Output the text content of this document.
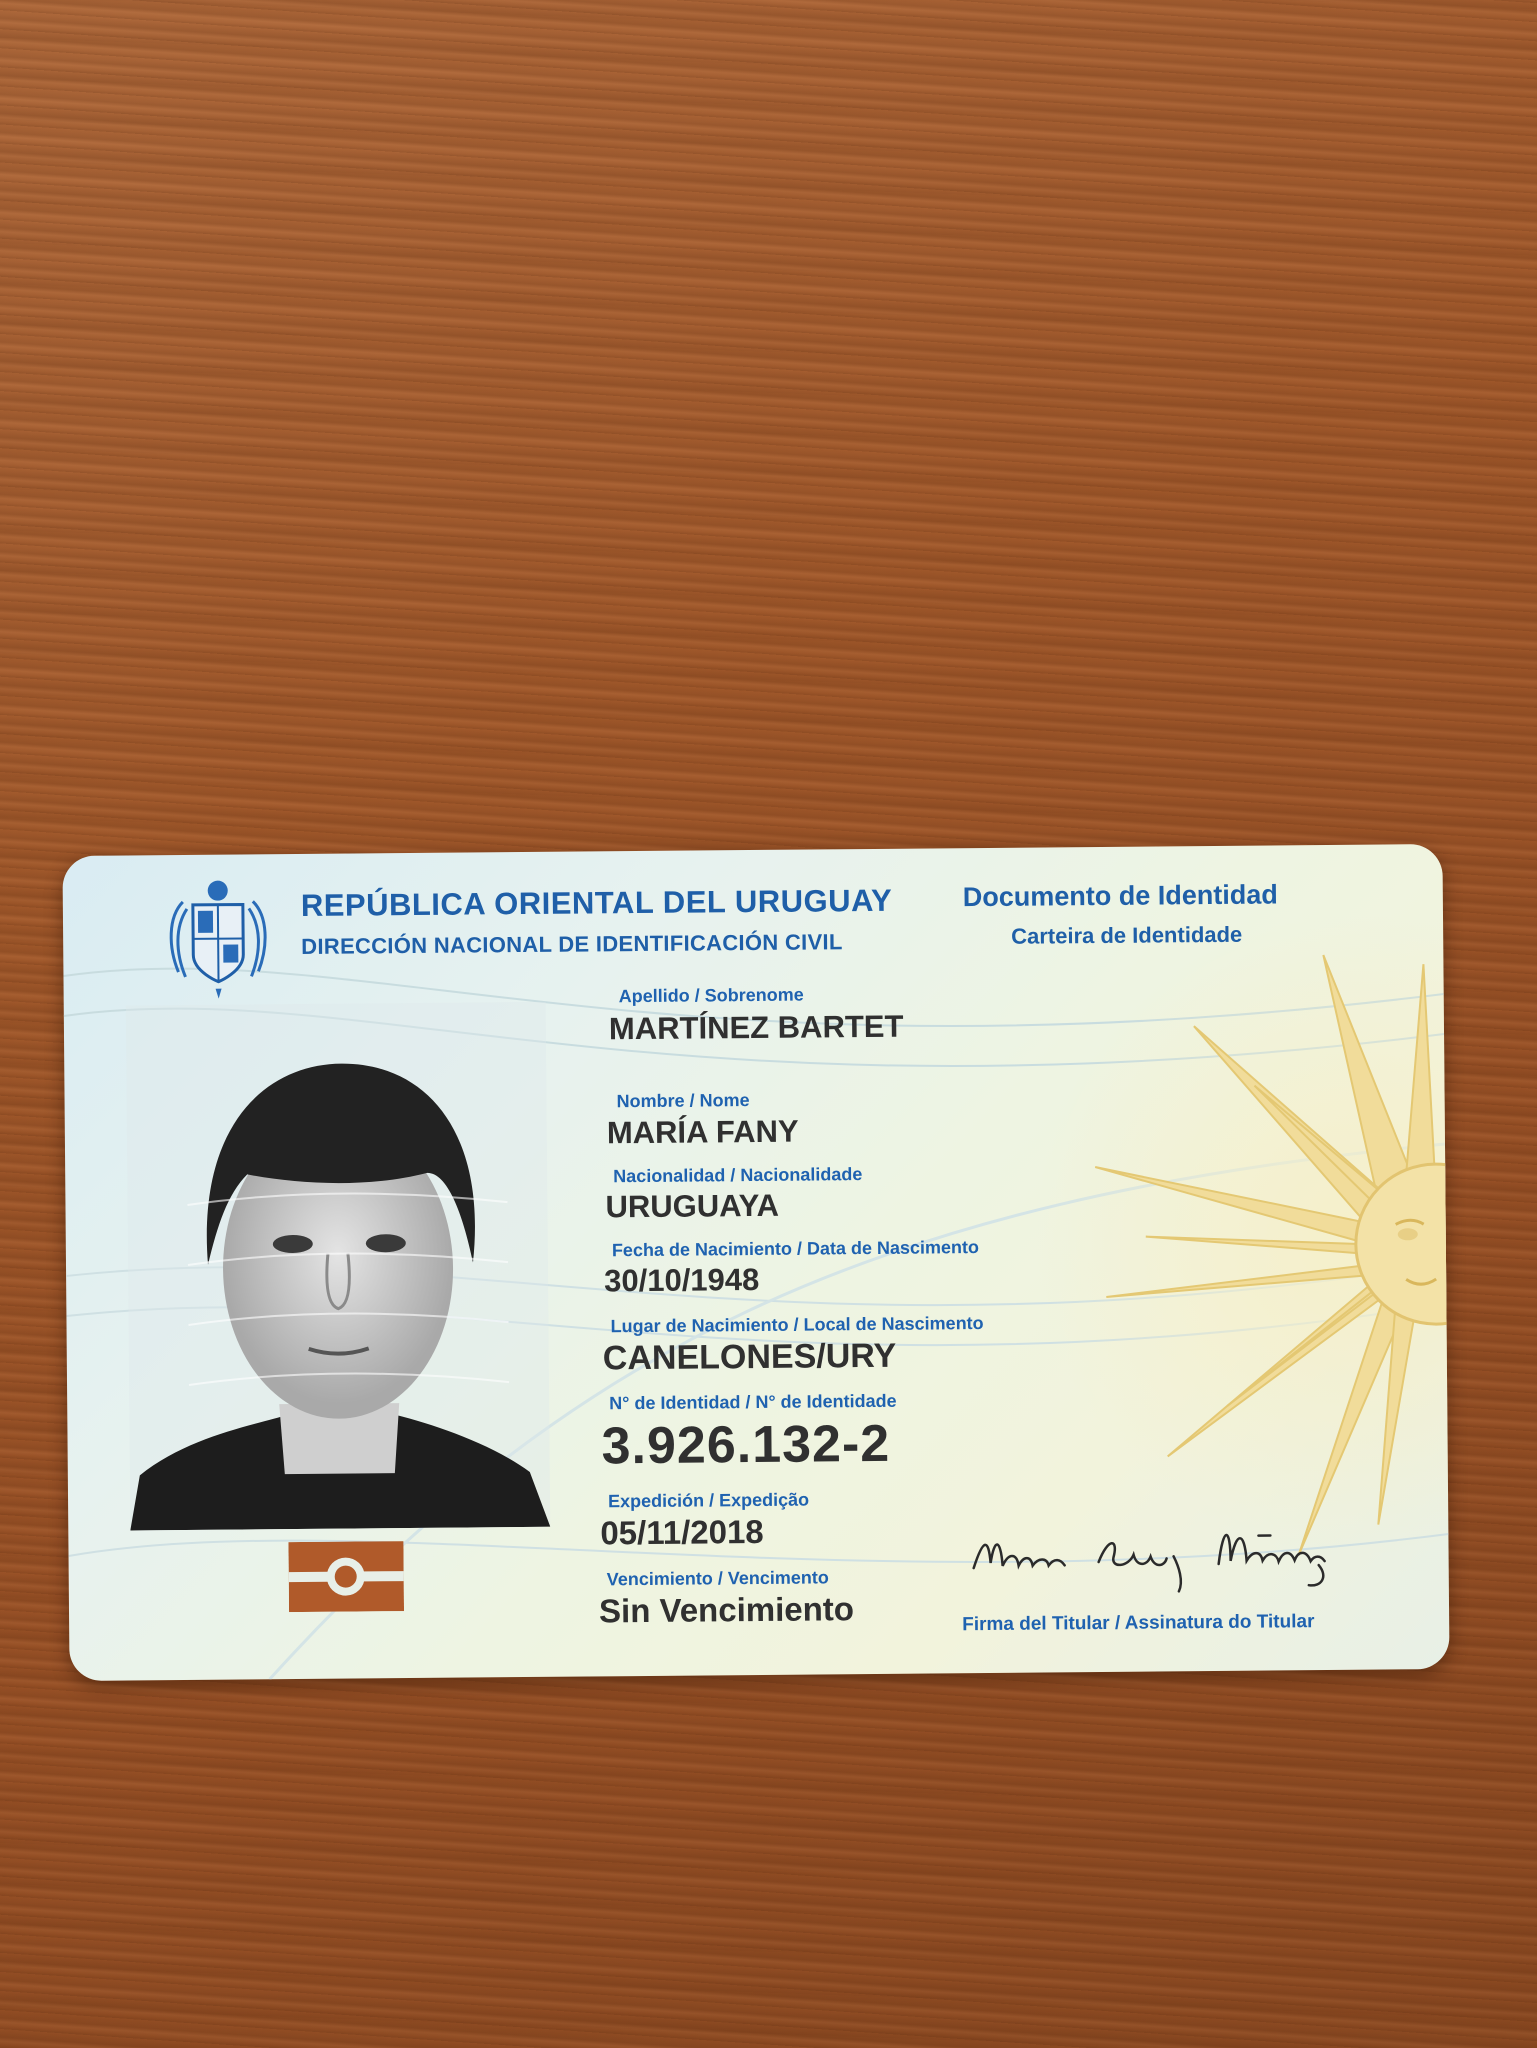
REPÚBLICA ORIENTAL DEL URUGUAY
DIRECCIÓN NACIONAL DE IDENTIFICACIÓN CIVIL
Documento de Identidad
Carteira de Identidade
Apellido / Sobrenome
MARTÍNEZ BARTET
Nombre / Nome
MARÍA FANY
Nacionalidad / Nacionalidade
URUGUAYA
Fecha de Nacimiento / Data de Nascimento
30/10/1948
Lugar de Nacimiento / Local de Nascimento
CANELONES/URY
N° de Identidad / N° de Identidade
3.926.132-2
Expedición / Expedição
05/11/2018
Vencimiento / Vencimento
Sin Vencimiento	Firma del Titular / Assinatura do Titular
